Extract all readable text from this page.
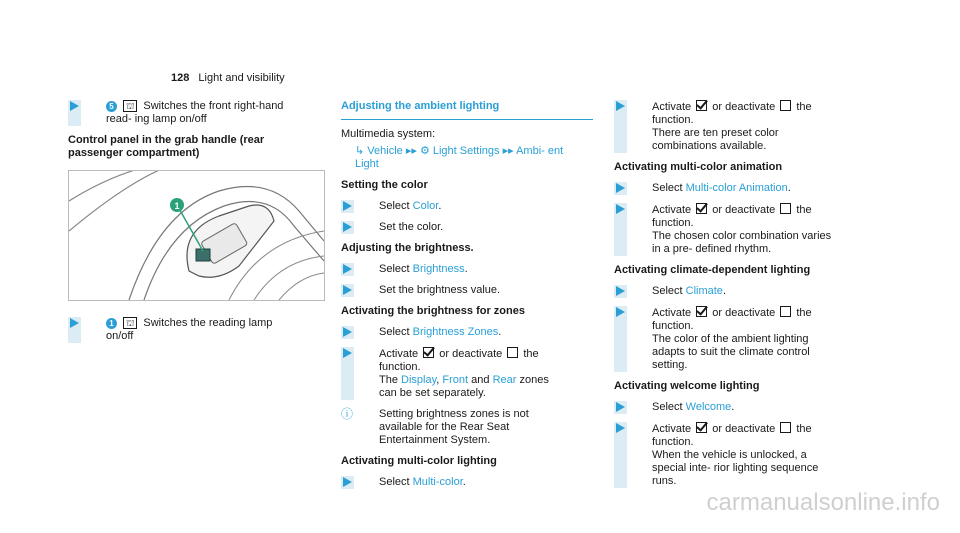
128 Light and visibility
5 ⛫ Switches the front right-hand read- ing lamp on/off
Control panel in the grab handle (rear passenger compartment)
1
1 ⛫ Switches the reading lamp on/off
Adjusting the ambient lighting
Multimedia system:
↳ Vehicle ▸▸ ⚙ Light Settings ▸▸ Ambi- ent Light
Setting the color
Select Color.
Set the color.
Adjusting the brightness.
Select Brightness.
Set the brightness value.
Activating the brightness for zones
Select Brightness Zones.
Activate or deactivate the function.
The Display, Front and Rear zones can be set separately.
ⓘ Setting brightness zones is not available for the Rear Seat Entertainment System.
Activating multi-color lighting
Select Multi-color.
Activate or deactivate the function.
There are ten preset color combinations available.
Activating multi-color animation
Select Multi-color Animation.
Activate or deactivate the function.
The chosen color combination varies in a pre- defined rhythm.
Activating climate-dependent lighting
Select Climate.
Activate or deactivate the function.
The color of the ambient lighting adapts to suit the climate control setting.
Activating welcome lighting
Select Welcome.
Activate or deactivate the function.
When the vehicle is unlocked, a special inte- rior lighting sequence runs.
carmanualsonline.info
